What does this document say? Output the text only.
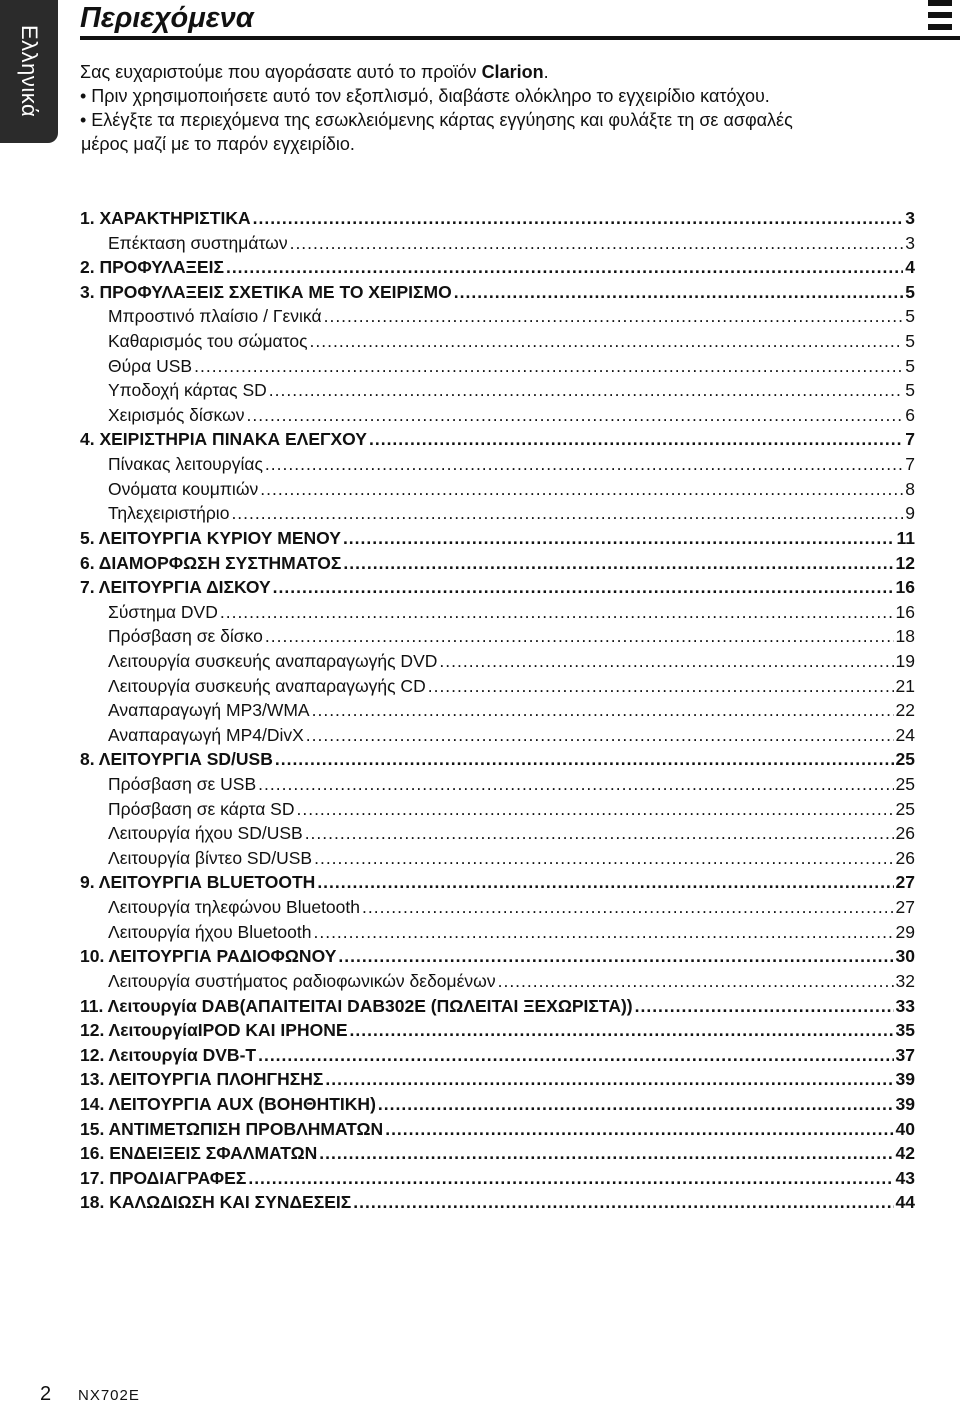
Ελληνικά
Περιεχόμενα

Σας ευχαριστούμε που αγοράσατε αυτό το προϊόν Clarion.

• Πριν χρησιμοποιήσετε αυτό τον εξοπλισμό, διαβάστε ολόκληρο το εγχειρίδιο κατόχου.

• Ελέγξτε τα περιεχόμενα της εσωκλειόμενης κάρτας εγγύησης και φυλάξτε τη σε ασφαλές

μέρος μαζί με το παρόν εγχειρίδιο.

1. ΧΑΡΑΚΤΗΡΙΣΤΙΚΑ .....	3
Επέκταση συστημάτων .....	3
2. ΠΡΟΦΥΛΑΞΕΙΣ .....	4
3. ΠΡΟΦΥΛΑΞΕΙΣ ΣΧΕΤΙΚΑ ΜΕ ΤΟ ΧΕΙΡΙΣΜΟ .....	5
Μπροστινό πλαίσιο / Γενικά .....	5
Καθαρισμός του σώματος .....	5
Θύρα USB .....	5
Υποδοχή κάρτας SD .....	5
Χειρισμός δίσκων .....	6
4. ΧΕΙΡΙΣΤΗΡΙΑ ΠΙΝΑΚΑ ΕΛΕΓΧΟΥ .....	7
Πίνακας λειτουργίας .....	7
Ονόματα κουμπιών .....	8
Τηλεχειριστήριο .....	9
5. ΛΕΙΤΟΥΡΓΙΑ ΚΥΡΙΟΥ ΜΕΝΟΥ .....	11
6. ΔΙΑΜΟΡΦΩΣΗ ΣΥΣΤΗΜΑΤΟΣ .....	12
7. ΛΕΙΤΟΥΡΓΙΑ ΔΙΣΚΟΥ .....	16
Σύστημα DVD .....	16
Πρόσβαση σε δίσκο .....	18
Λειτουργία συσκευής αναπαραγωγής DVD .....	19
Λειτουργία συσκευής αναπαραγωγής CD .....	21
Αναπαραγωγή MP3/WMA .....	22
Αναπαραγωγή MP4/DivX .....	24
8. ΛΕΙΤΟΥΡΓΙΑ SD/USB .....	25
Πρόσβαση σε USB .....	25
Πρόσβαση σε κάρτα SD .....	25
Λειτουργία ήχου SD/USB .....	26
Λειτουργία βίντεο SD/USB .....	26
9. ΛΕΙΤΟΥΡΓΙΑ BLUETOOTH .....	27
Λειτουργία τηλεφώνου Bluetooth .....	27
Λειτουργία ήχου Bluetooth .....	29
10. ΛΕΙΤΟΥΡΓΙΑ ΡΑΔΙΟΦΩΝΟΥ .....	30
Λειτουργία συστήματος ραδιοφωνικών δεδομένων .....	32
11. Λειτουργία DAB(ΑΠΑΙΤΕΙΤΑΙ DAB302E (ΠΩΛΕΙΤΑΙ ΞΕΧΩΡΙΣΤΑ)) .....	33
12. ΛειτουργίαIPOD ΚΑΙ IPHONE .....	35
12. Λειτουργία DVB-T .....	37
13. ΛΕΙΤΟΥΡΓΙΑ ΠΛΟΗΓΗΣΗΣ .....	39
14. ΛΕΙΤΟΥΡΓΙΑ AUX (ΒΟΗΘΗΤΙΚΗ) .....	39
15. ΑΝΤΙΜΕΤΩΠΙΣΗ ΠΡΟΒΛΗΜΑΤΩΝ .....	40
16. ΕΝΔΕΙΞΕΙΣ ΣΦΑΛΜΑΤΩΝ .....	42
17. ΠΡΟΔΙΑΓΡΑΦΕΣ .....	43
18. ΚΑΛΩΔΙΩΣΗ ΚΑΙ ΣΥΝΔΕΣΕΙΣ .....	44
2 NX702E
